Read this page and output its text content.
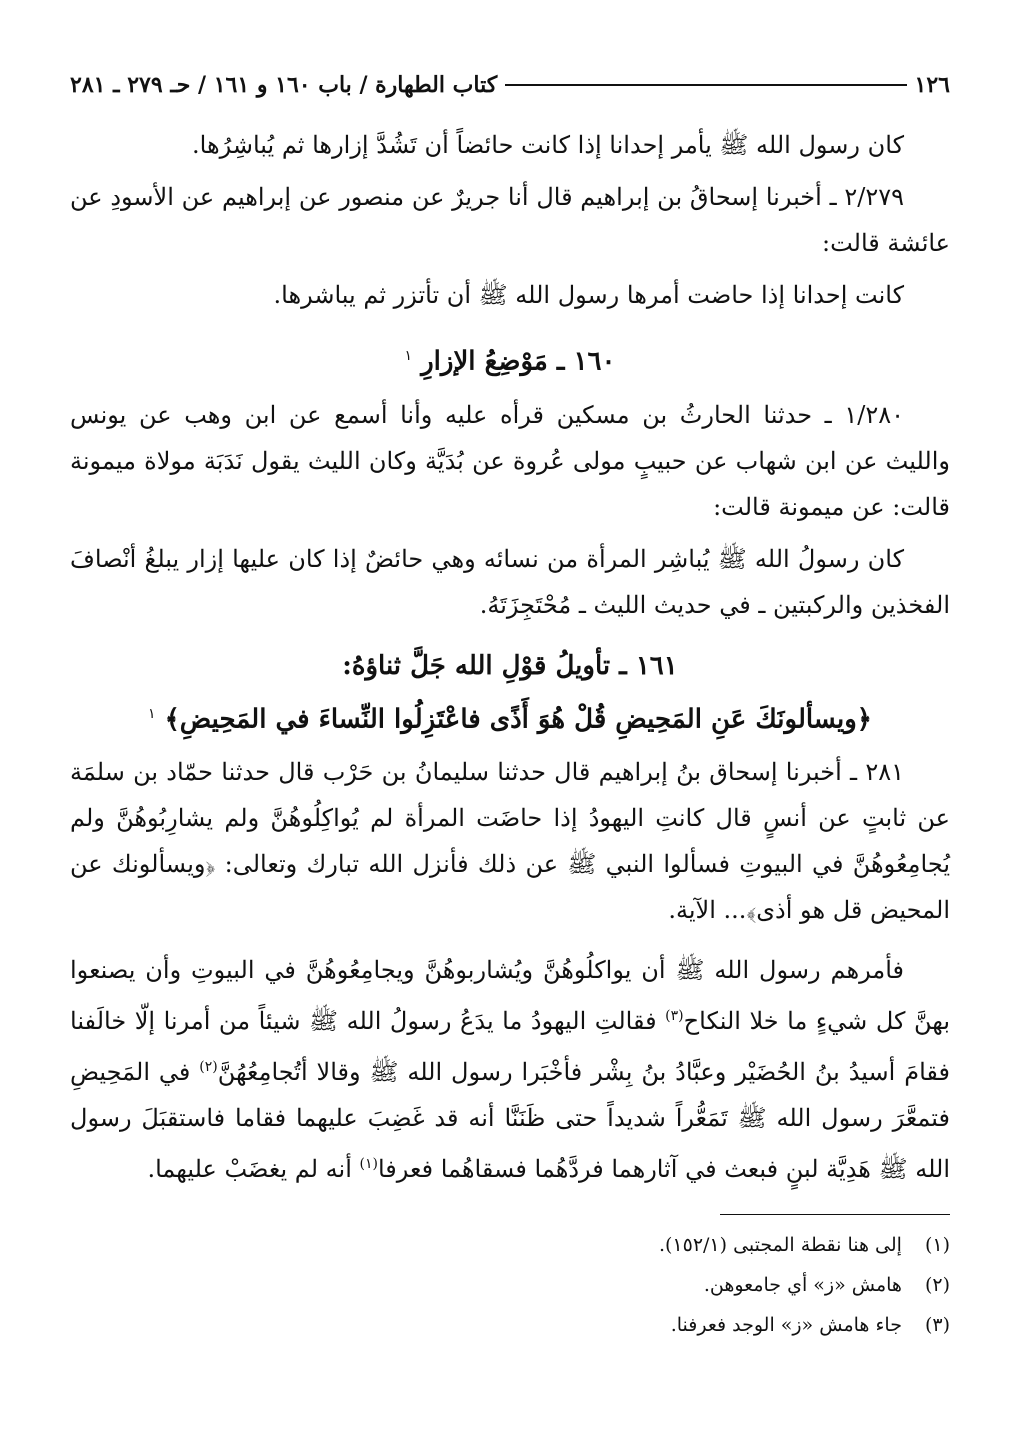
١٢٦
كتاب الطهارة / باب ١٦٠ و ١٦١ / حـ ٢٧٩ ـ ٢٨١

كان رسول الله ﷺ يأمر إحدانا إذا كانت حائضاً أن تَشُدَّ إزارها ثم يُباشِرُها.

٢/٢٧٩ ـ أخبرنا إسحاقُ بن إبراهيم قال أنا جريرٌ عن منصور عن إبراهيم عن الأسودِ عن عائشة قالت:

كانت إحدانا إذا حاضت أمرها رسول الله ﷺ أن تأتزر ثم يباشرها.

١٦٠ ـ مَوْضِعُ الإزارِ $^١$

١/٢٨٠ ـ حدثنا الحارثُ بن مسكين قرأه عليه وأنا أسمع عن ابن وهب عن يونس والليث عن ابن شهاب عن حبيبٍ مولى عُروة عن بُدَيَّة وكان الليث يقول نَدَبَة مولاة ميمونة قالت: عن ميمونة قالت:

كان رسولُ الله ﷺ يُباشِر المرأة من نسائه وهي حائضٌ إذا كان عليها إزار يبلغُ أنْصافَ الفخذين والركبتين ـ في حديث الليث ـ مُحْتَجِزَتَهُ.

١٦١ ـ تأويلُ قوْلِ الله جَلَّ ثناؤهُ:

﴿ويسألونَكَ عَنِ المَحِيضِ قُلْ هُوَ أَذًى فاعْتَزِلُوا النِّساءَ في المَحِيضِ﴾ $^١$

٢٨١ ـ أخبرنا إسحاق بنُ إبراهيم قال حدثنا سليمانُ بن حَرْب قال حدثنا حمّاد بن سلمَة عن ثابتٍ عن أنسٍ قال كانتِ اليهودُ إذا حاضَت المرأة لم يُواكِلُوهُنَّ ولم يشارِبُوهُنَّ ولم يُجامِعُوهُنَّ في البيوتِ فسألوا النبي ﷺ عن ذلك فأنزل الله تبارك وتعالى: ﴿ويسألونك عن المحيض قل هو أذى﴾... الآية.

فأمرهم رسول الله ﷺ أن يواكلُوهُنَّ ويُشاربوهُنَّ ويجامِعُوهُنَّ في البيوتِ وأن يصنعوا بهنَّ كل شيءٍ ما خلا النكاح$^{(٣)}$ فقالتِ اليهودُ ما يدَعُ رسولُ الله ﷺ شيئاً من أمرنا إلّا خالَفنا فقامَ أسيدُ بنُ الحُضَيْر وعبَّادُ بنُ بِشْر فأخْبَرا رسول الله ﷺ وقالا أتُجامِعُهُنَّ$^{(٢)}$ في المَحِيضِ فتمعَّرَ رسول الله ﷺ تَمَعُّراً شديداً حتى ظَنَنَّا أنه قد غَضِبَ عليهما فقاما فاستقبَلَ رسول الله ﷺ هَدِيَّة لبنٍ فبعث في آثارهما فردَّهُما فسقاهُما فعرفا$^{(١)}$ أنه لم يغضَبْ عليهما.

(١) إلى هنا نقطة المجتبى (١٥٢/١).

(٢) هامش «ز» أي جامعوهن.

(٣) جاء هامش «ز» الوجد فعرفنا.
